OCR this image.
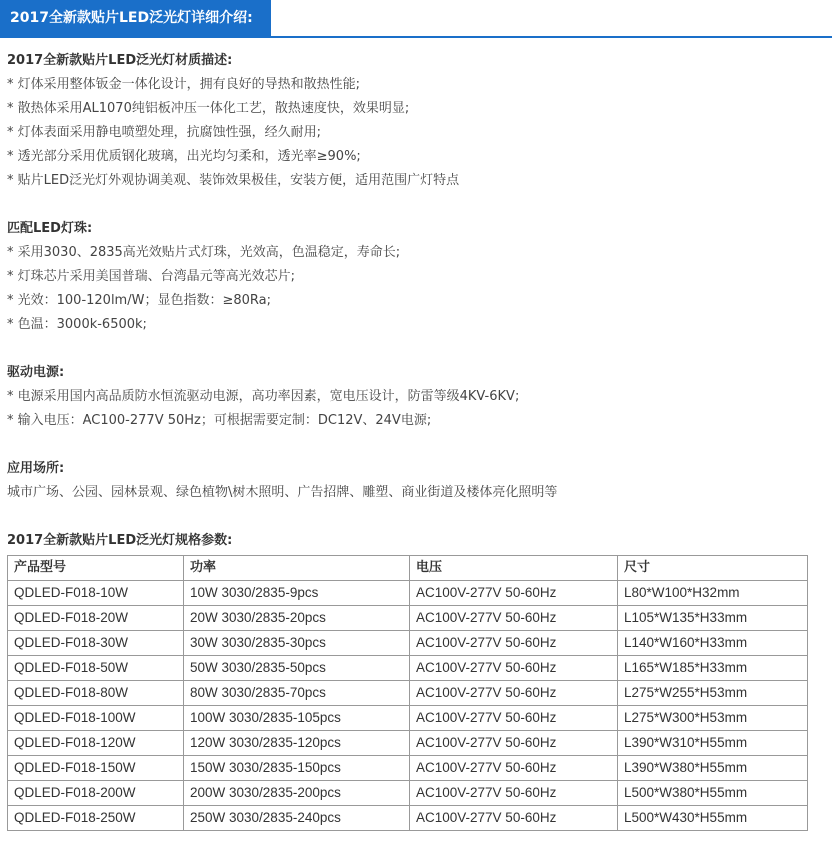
2017全新款贴片LED泛光灯详细介绍:
2017全新款贴片LED泛光灯材质描述:
* 灯体采用整体钣金一体化设计，拥有良好的导热和散热性能;
* 散热体采用AL1070纯铝板冲压一体化工艺，散热速度快，效果明显;
* 灯体表面采用静电喷塑处理，抗腐蚀性强，经久耐用;
* 透光部分采用优质钢化玻璃，出光均匀柔和，透光率≥90%;
* 贴片LED泛光灯外观协调美观、装饰效果极佳，安装方便，适用范围广灯特点
匹配LED灯珠:
* 采用3030、2835高光效贴片式灯珠，光效高，色温稳定，寿命长;
* 灯珠芯片采用美国普瑞、台湾晶元等高光效芯片;
* 光效：100-120lm/W；显色指数：≥80Ra;
* 色温：3000k-6500k;
驱动电源:
* 电源采用国内高品质防水恒流驱动电源，高功率因素，宽电压设计，防雷等级4KV-6KV;
* 输入电压：AC100-277V 50Hz；可根据需要定制：DC12V、24V电源;
应用场所:
城市广场、公园、园林景观、绿色植物\树木照明、广告招牌、雕塑、商业街道及楼体亮化照明等
2017全新款贴片LED泛光灯规格参数:
产品型号	功率	电压	尺寸
QDLED-F018-10W	10W 3030/2835-9pcs	AC100V-277V 50-60Hz	L80*W100*H32mm
QDLED-F018-20W	20W 3030/2835-20pcs	AC100V-277V 50-60Hz	L105*W135*H33mm
QDLED-F018-30W	30W 3030/2835-30pcs	AC100V-277V 50-60Hz	L140*W160*H33mm
QDLED-F018-50W	50W 3030/2835-50pcs	AC100V-277V 50-60Hz	L165*W185*H33mm
QDLED-F018-80W	80W 3030/2835-70pcs	AC100V-277V 50-60Hz	L275*W255*H53mm
QDLED-F018-100W	100W 3030/2835-105pcs	AC100V-277V 50-60Hz	L275*W300*H53mm
QDLED-F018-120W	120W 3030/2835-120pcs	AC100V-277V 50-60Hz	L390*W310*H55mm
QDLED-F018-150W	150W 3030/2835-150pcs	AC100V-277V 50-60Hz	L390*W380*H55mm
QDLED-F018-200W	200W 3030/2835-200pcs	AC100V-277V 50-60Hz	L500*W380*H55mm
QDLED-F018-250W	250W 3030/2835-240pcs	AC100V-277V 50-60Hz	L500*W430*H55mm
